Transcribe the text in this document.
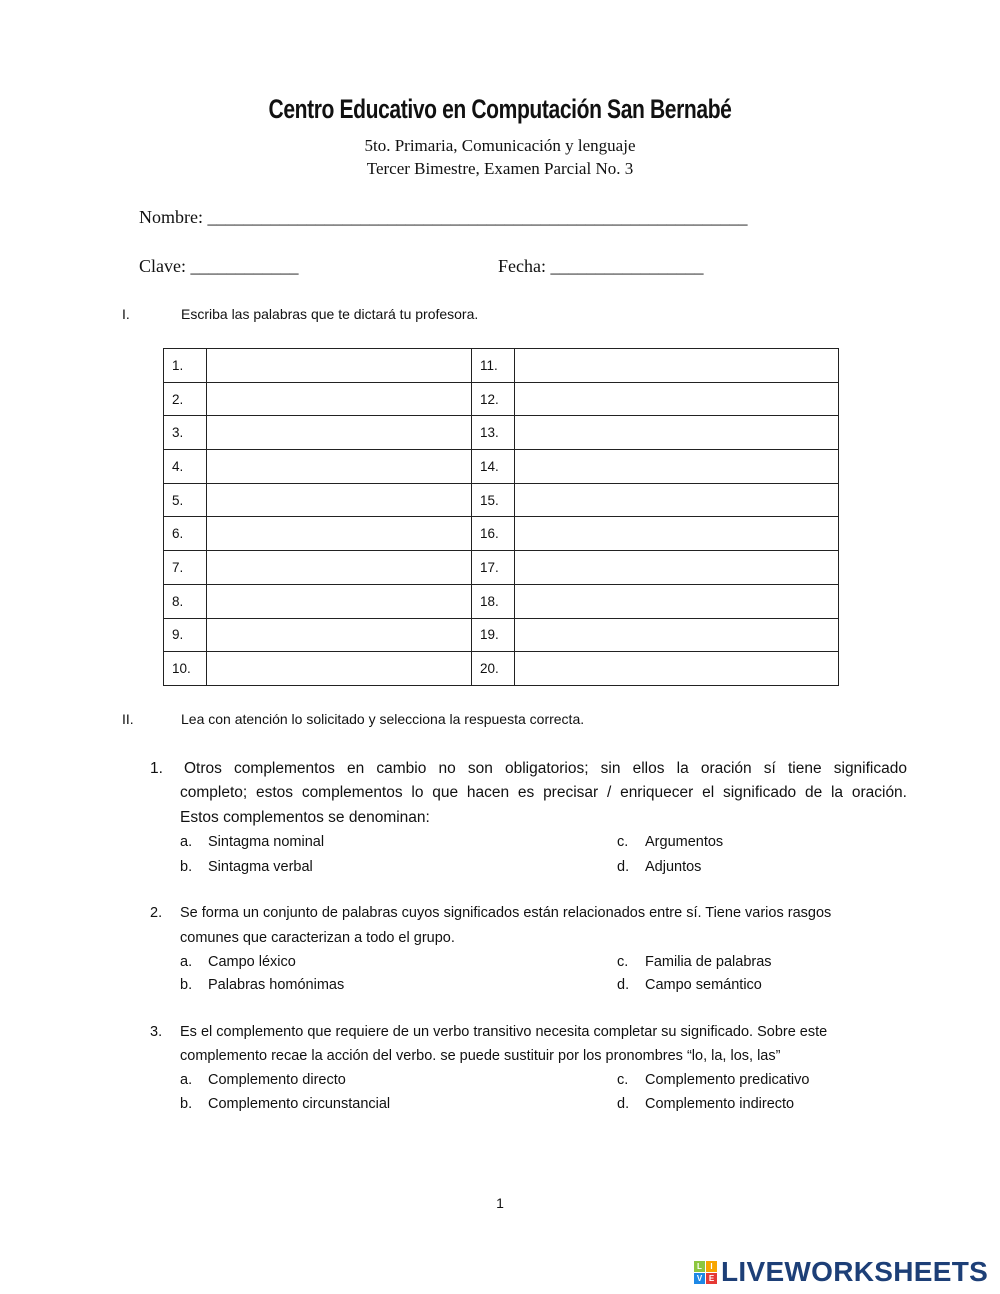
Centro Educativo en Computación San Bernabé
5to. Primaria, Comunicación y lenguaje
Tercer Bimestre, Examen Parcial No. 3
Nombre: ____________________________________________________________
Clave: ____________	Fecha: _________________
I.	Escriba las palabras que te dictará tu profesora.
1.		11.	
2.		12.	
3.		13.	
4.		14.	
5.		15.	
6.		16.	
7.		17.	
8.		18.	
9.		19.	
10.		20.	
II.	Lea con atención lo solicitado y selecciona la respuesta correcta.
1. Otros complementos en cambio no son obligatorios; sin ellos la oración sí tiene significado
completo; estos complementos lo que hacen es precisar / enriquecer el significado de la oración.
Estos complementos se denominan:
a. Sintagma nominal
b. Sintagma verbal
c. Argumentos
d. Adjuntos
2. Se forma un conjunto de palabras cuyos significados están relacionados entre sí. Tiene varios rasgos
comunes que caracterizan a todo el grupo.
a. Campo léxico
b. Palabras homónimas
c. Familia de palabras
d. Campo semántico
3. Es el complemento que requiere de un verbo transitivo necesita completar su significado. Sobre este
complemento recae la acción del verbo. se puede sustituir por los pronombres “lo, la, los, las”
a. Complemento directo
b. Complemento circunstancial
c. Complemento predicativo
d. Complemento indirecto
1
L	I
V E LIVEWORKSHEETS
